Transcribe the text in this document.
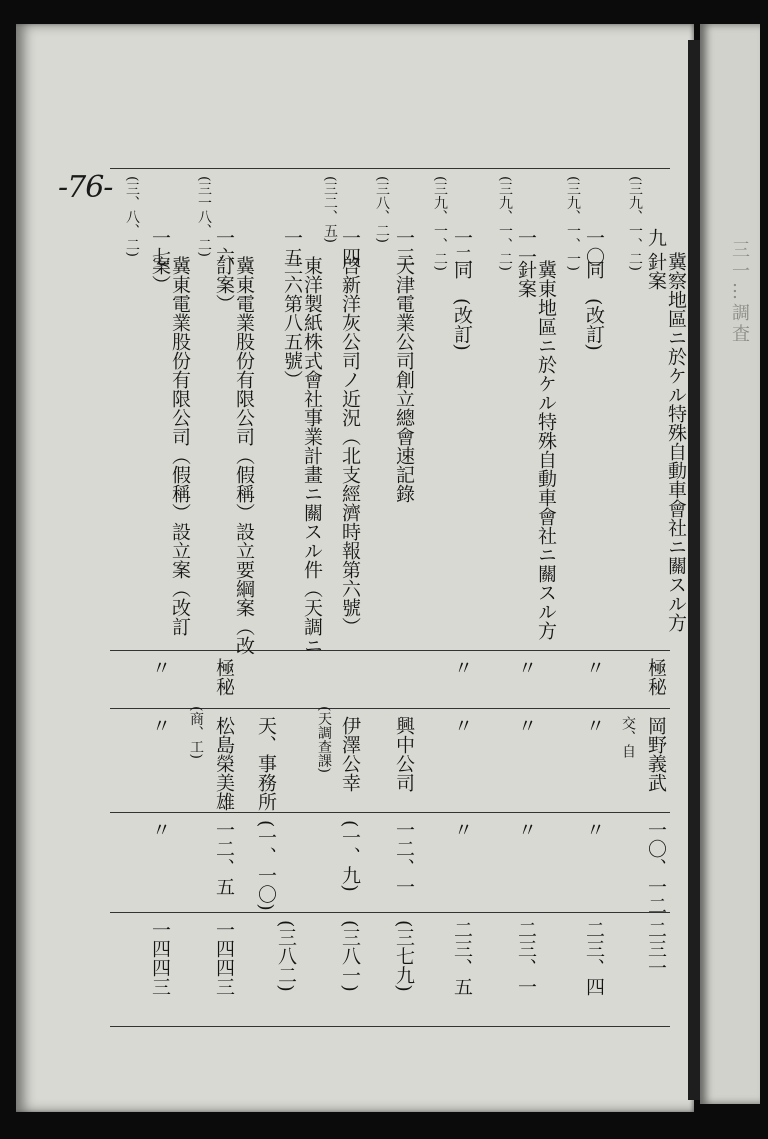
三一…調査
-76-	(三九、一、二) 九
冀察地區ニ於ケル特殊自動車會社ニ關スル方針案
極秘
岡野義武
交、自
一〇、一二
二三一
(三九、一、一) 一〇
同　(改訂)
〃
〃
〃
二三、四
(三九、一、二) 一一
冀東地區ニ於ケル特殊自動車會社ニ關スル方針案
〃
〃
〃
二三、一
(三九、一、二) 一二
同　(改訂)
〃
〃
〃
二三、五
(三八、二)
一三
天津電業公司創立總會速記錄
興中公司
一二、一
(三七九)
(三二、五)
一四
啓新洋灰公司ノ近況（北支經濟時報第六號）
伊澤公幸
(天調查課)
(一、九)
(三八一)
一五
東洋製紙株式會社事業計畫ニ關スル件（天調ニ三六第八五號）
天、事務所
(一、一〇)
(三八二)
(三一八、二) 一六
冀東電業股份有限公司（假稱）設立要綱案（改訂案）
極秘
松島榮美雄
(商、工)
一二、五
一四四三
(三、八、二) 一七
冀東電業股份有限公司（假稱）設立案（改訂案）
〃
〃
〃
一四四三
